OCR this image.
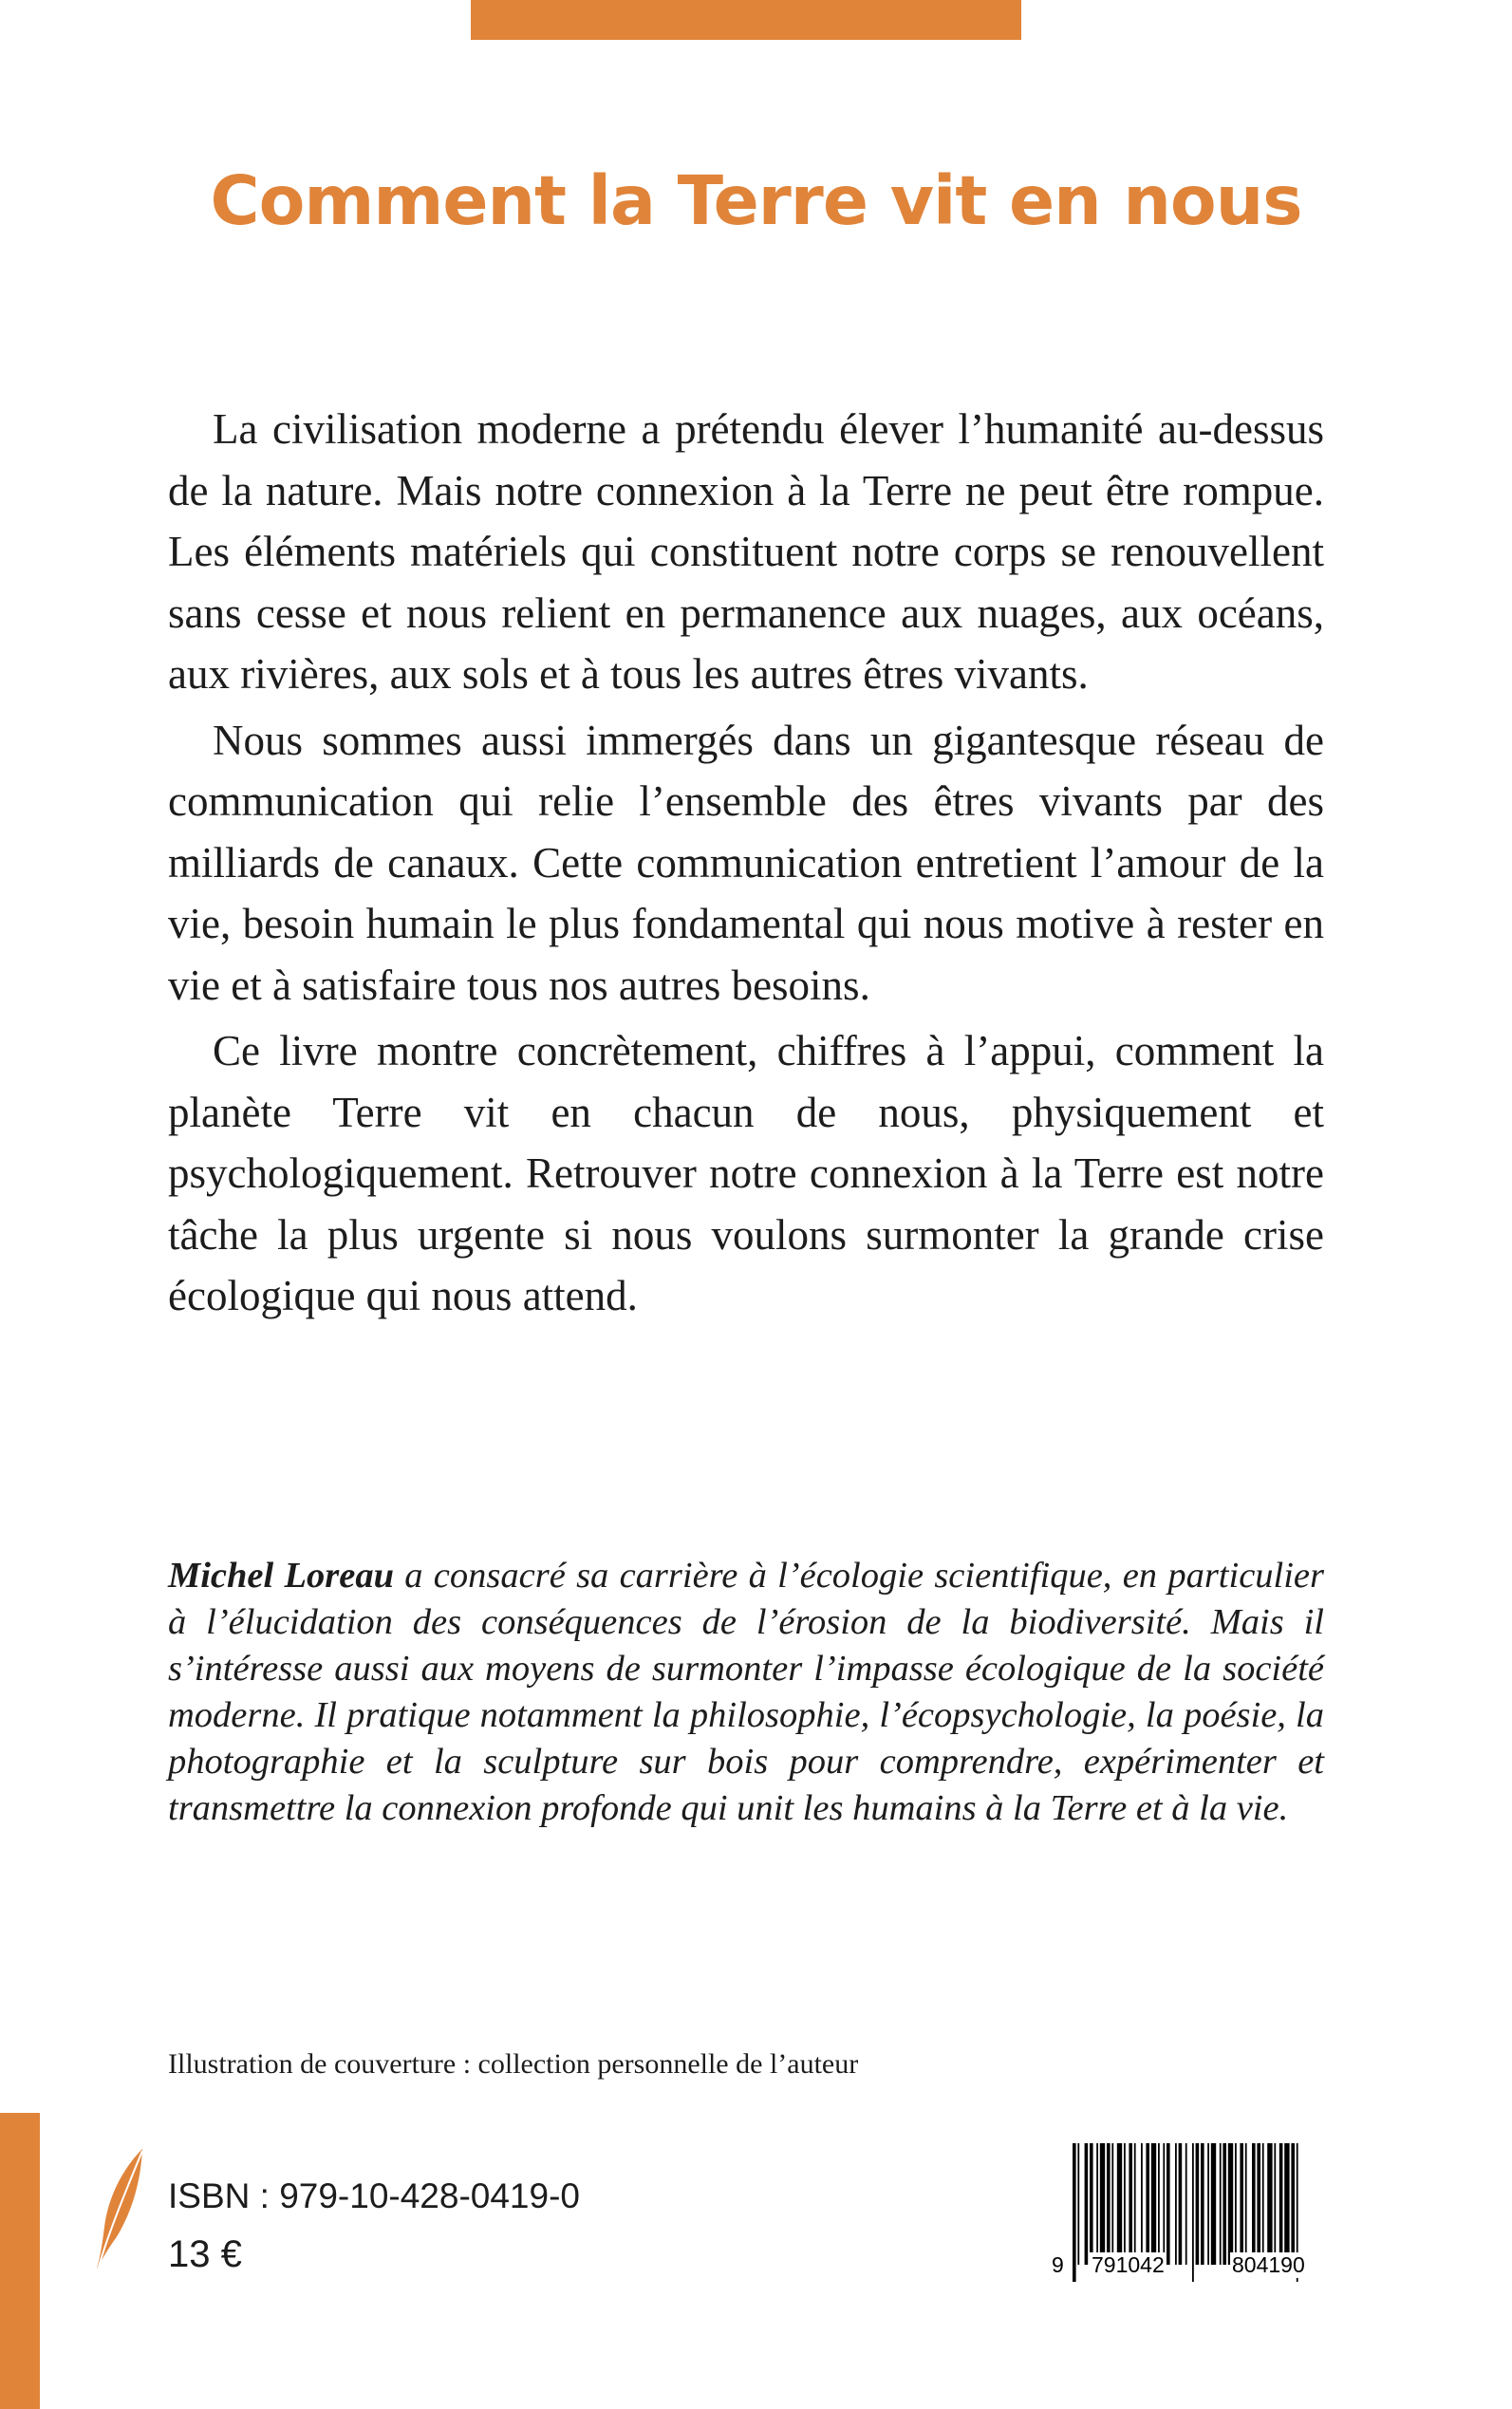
Comment la Terre vit en nous

La civilisation moderne a prétendu élever l’humanité au-dessus de la nature. Mais notre connexion à la Terre ne peut être rompue. Les éléments matériels qui constituent notre corps se renouvellent sans cesse et nous relient en permanence aux nuages, aux océans, aux rivières, aux sols et à tous les autres êtres vivants.

Nous sommes aussi immergés dans un gigantesque réseau de communication qui relie l’ensemble des êtres vivants par des milliards de canaux. Cette communication entretient l’amour de la vie, besoin humain le plus fondamental qui nous motive à rester en vie et à satisfaire tous nos autres besoins.

Ce livre montre concrètement, chiffres à l’appui, comment la planète Terre vit en chacun de nous, physiquement et psychologiquement. Retrouver notre connexion à la Terre est notre tâche la plus urgente si nous voulons surmonter la grande crise écologique qui nous attend.

Michel Loreau a consacré sa carrière à l’écologie scientifique, en particulier à l’élucidation des conséquences de l’érosion de la biodiversité. Mais il s’intéresse aussi aux moyens de surmonter l’impasse écologique de la société moderne. Il pratique notamment la philosophie, l’écopsychologie, la poésie, la photographie et la sculpture sur bois pour comprendre, expérimenter et transmettre la connexion profonde qui unit les humains à la Terre et à la vie.

Illustration de couverture : collection personnelle de l’auteur
ISBN : 979-10-428-0419-0
13 €	9 791042	804190
